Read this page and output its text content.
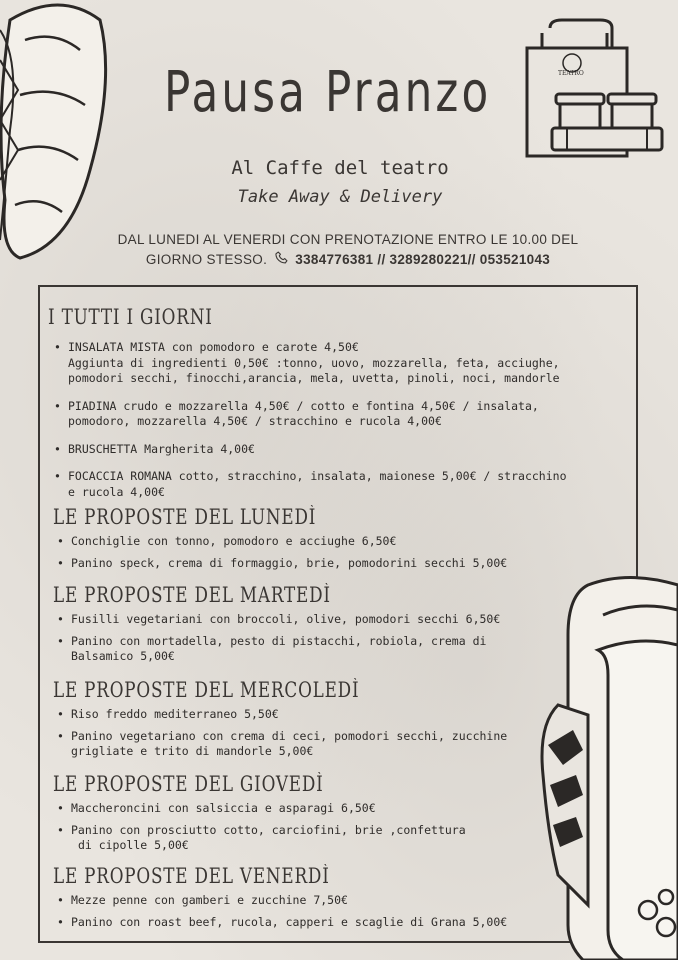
TEATRO
Pausa Pranzo
Al Caffe del teatro
Take Away & Delivery
DAL LUNEDI AL VENERDI CON PRENOTAZIONE ENTRO LE 10.00 DEL
GIORNO STESSO. 3384776381 // 3289280221// 053521043
I TUTTI I GIORNI
• INSALATA MISTA con pomodoro e carote 4,50€
Aggiunta di ingredienti 0,50€ :tonno, uovo, mozzarella, feta, acciughe,
pomodori secchi, finocchi,arancia, mela, uvetta, pinoli, noci, mandorle
• PIADINA crudo e mozzarella 4,50€ / cotto e fontina 4,50€ / insalata,
pomodoro, mozzarella 4,50€ / stracchino e rucola 4,00€
• BRUSCHETTA Margherita 4,00€
• FOCACCIA ROMANA cotto, stracchino, insalata, maionese 5,00€ / stracchino
e rucola 4,00€
LE PROPOSTE DEL LUNEDÌ
• Conchiglie con tonno, pomodoro e acciughe 6,50€
• Panino speck, crema di formaggio, brie, pomodorini secchi 5,00€
LE PROPOSTE DEL MARTEDÌ
• Fusilli vegetariani con broccoli, olive, pomodori secchi 6,50€
• Panino con mortadella, pesto di pistacchi, robiola, crema di
Balsamico 5,00€
LE PROPOSTE DEL MERCOLEDÌ
• Riso freddo mediterraneo 5,50€
• Panino vegetariano con crema di ceci, pomodori secchi, zucchine
grigliate e trito di mandorle 5,00€
LE PROPOSTE DEL GIOVEDÌ
• Maccheroncini con salsiccia e asparagi 6,50€
• Panino con prosciutto cotto, carciofini, brie ,confettura
di cipolle 5,00€
LE PROPOSTE DEL VENERDÌ
• Mezze penne con gamberi e zucchine 7,50€
• Panino con roast beef, rucola, capperi e scaglie di Grana 5,00€
